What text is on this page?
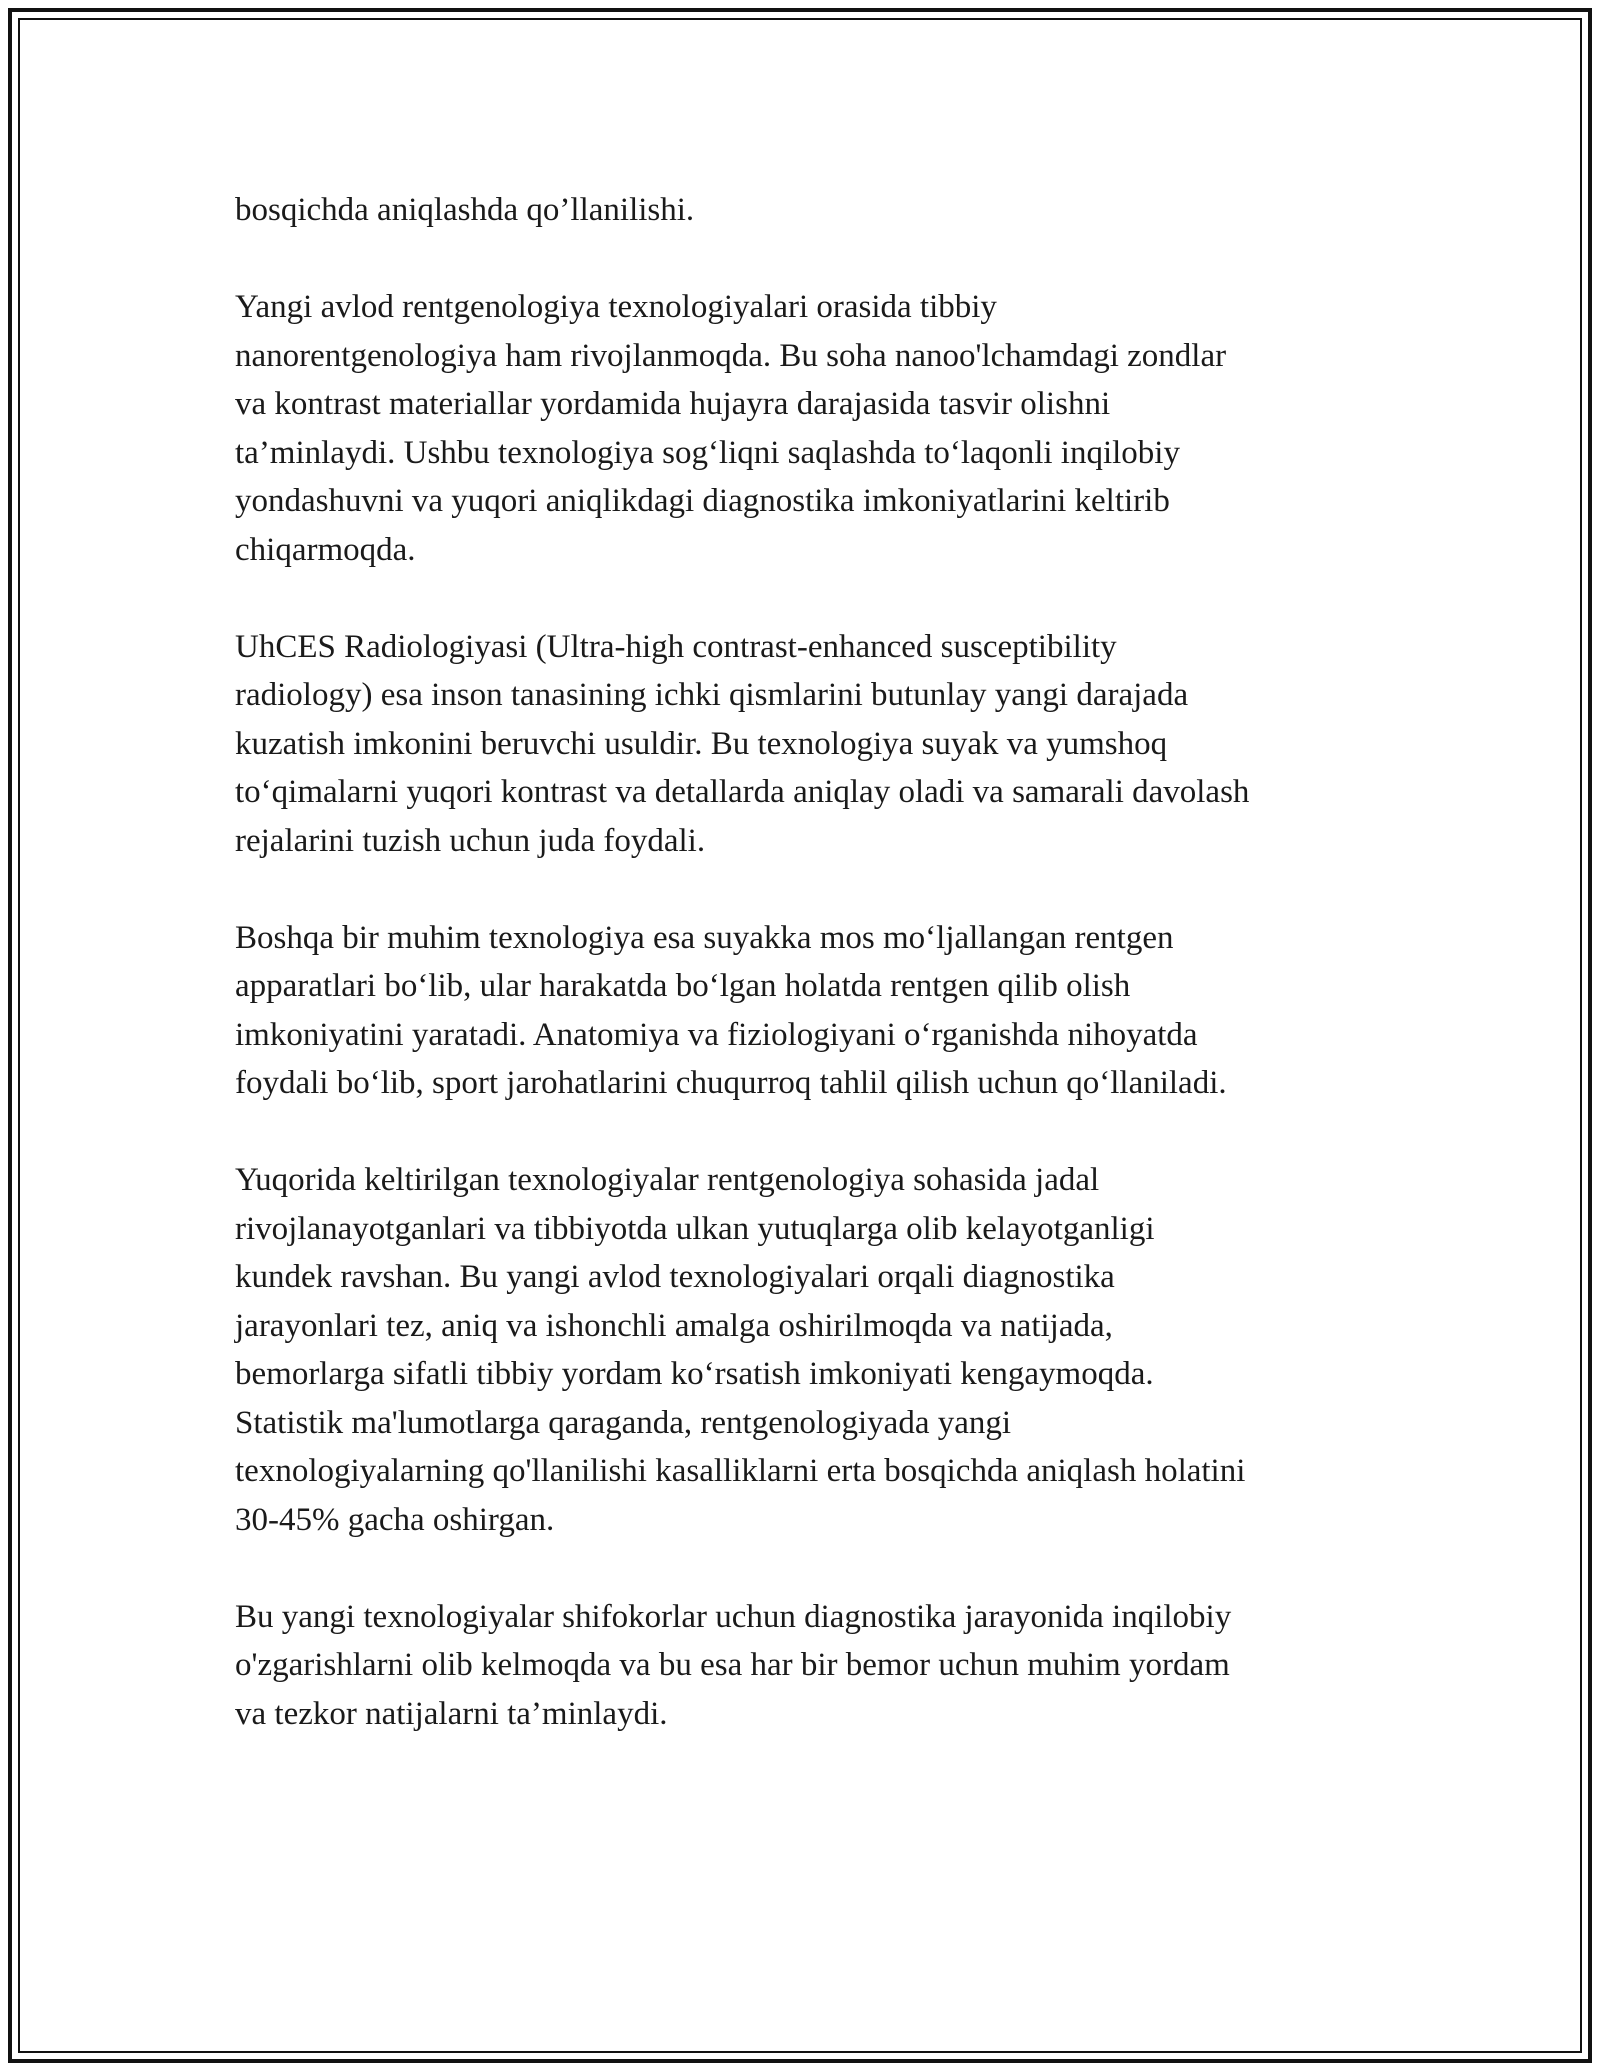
bosqichda aniqlashda qo’llanilishi.

Yangi avlod rentgenologiya texnologiyalari orasida tibbiy
nanorentgenologiya ham rivojlanmoqda. Bu soha nanoo'lchamdagi zondlar
va kontrast materiallar yordamida hujayra darajasida tasvir olishni
ta’minlaydi. Ushbu texnologiya sog‘liqni saqlashda to‘laqonli inqilobiy
yondashuvni va yuqori aniqlikdagi diagnostika imkoniyatlarini keltirib
chiqarmoqda.

UhCES Radiologiyasi (Ultra-high contrast-enhanced susceptibility
radiology) esa inson tanasining ichki qismlarini butunlay yangi darajada
kuzatish imkonini beruvchi usuldir. Bu texnologiya suyak va yumshoq
to‘qimalarni yuqori kontrast va detallarda aniqlay oladi va samarali davolash
rejalarini tuzish uchun juda foydali.

Boshqa bir muhim texnologiya esa suyakka mos mo‘ljallangan rentgen
apparatlari bo‘lib, ular harakatda bo‘lgan holatda rentgen qilib olish
imkoniyatini yaratadi. Anatomiya va fiziologiyani o‘rganishda nihoyatda
foydali bo‘lib, sport jarohatlarini chuqurroq tahlil qilish uchun qo‘llaniladi.

Yuqorida keltirilgan texnologiyalar rentgenologiya sohasida jadal
rivojlanayotganlari va tibbiyotda ulkan yutuqlarga olib kelayotganligi
kundek ravshan. Bu yangi avlod texnologiyalari orqali diagnostika
jarayonlari tez, aniq va ishonchli amalga oshirilmoqda va natijada,
bemorlarga sifatli tibbiy yordam ko‘rsatish imkoniyati kengaymoqda.
Statistik ma'lumotlarga qaraganda, rentgenologiyada yangi
texnologiyalarning qo'llanilishi kasalliklarni erta bosqichda aniqlash holatini
30-45% gacha oshirgan.

Bu yangi texnologiyalar shifokorlar uchun diagnostika jarayonida inqilobiy
o'zgarishlarni olib kelmoqda va bu esa har bir bemor uchun muhim yordam
va tezkor natijalarni ta’minlaydi.
